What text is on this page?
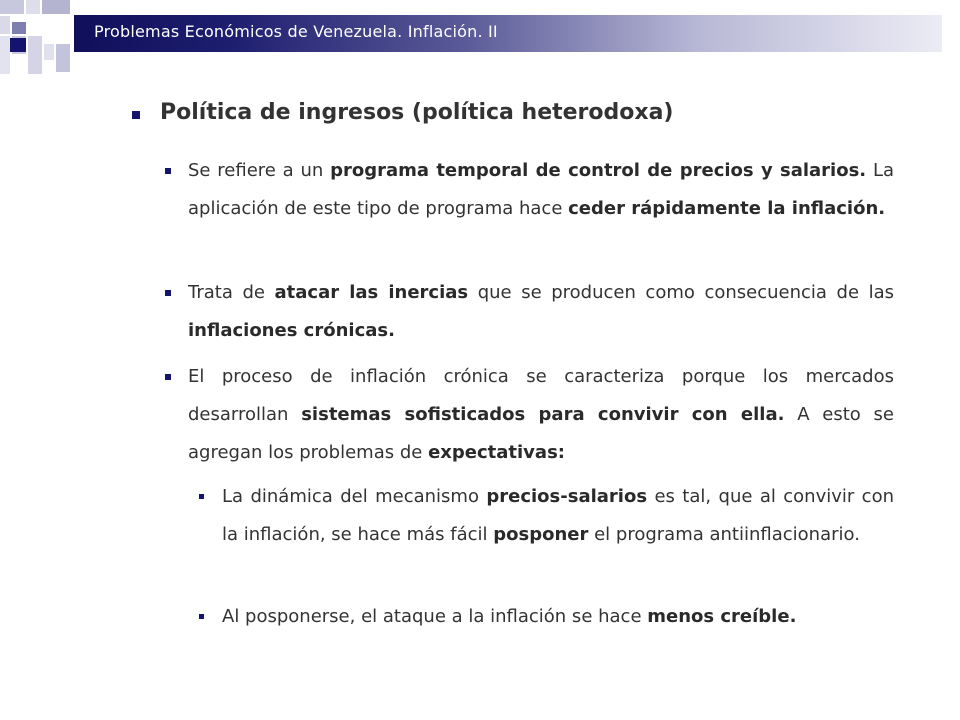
Problemas Económicos de Venezuela. Inflación. II
Política de ingresos (política heterodoxa)
Se refiere a un programa temporal de control de precios y salarios. La aplicación de este tipo de programa hace ceder rápidamente la inflación.
Trata de atacar las inercias que se producen como consecuencia de las inflaciones crónicas.
El proceso de inflación crónica se caracteriza porque los mercados desarrollan sistemas sofisticados para convivir con ella. A esto se agregan los problemas de expectativas:
La dinámica del mecanismo precios-salarios es tal, que al convivir con la inflación, se hace más fácil posponer el programa antiinflacionario.
Al posponerse, el ataque a la inflación se hace menos creíble.
